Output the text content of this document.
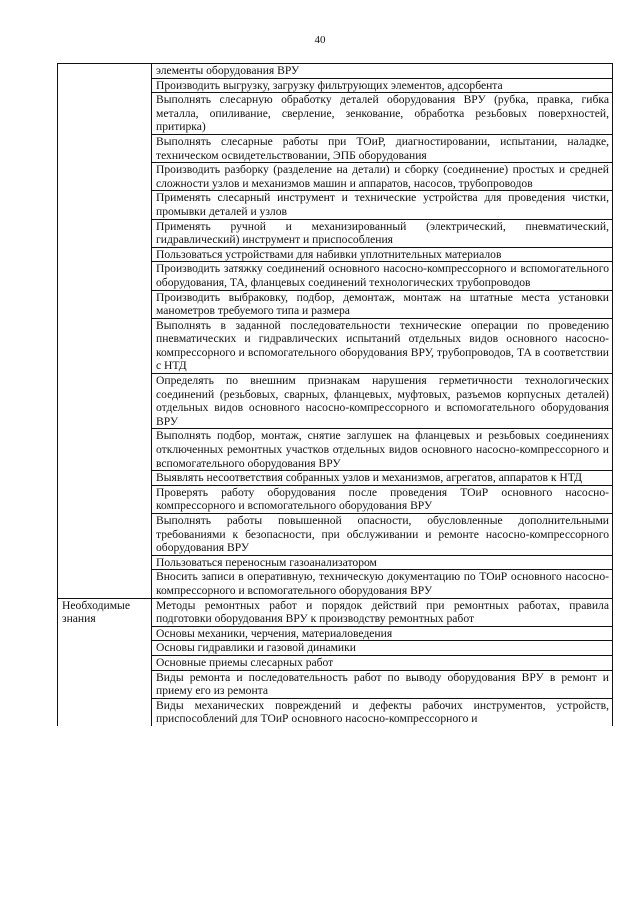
40
	элементы оборудования ВРУ
	Производить выгрузку, загрузку фильтрующих элементов, адсорбента
	Выполнять слесарную обработку деталей оборудования ВРУ (рубка, правка, гибка металла, опиливание, сверление, зенкование, обработка резьбовых поверхностей, притирка)
	Выполнять слесарные работы при ТОиР, диагностировании, испытании, наладке, техническом освидетельствовании, ЭПБ оборудования
	Производить разборку (разделение на детали) и сборку (соединение) простых и средней сложности узлов и механизмов машин и аппаратов, насосов, трубопроводов
	Применять слесарный инструмент и технические устройства для проведения чистки, промывки деталей и узлов
	Применять ручной и механизированный (электрический, пневматический, гидравлический) инструмент и приспособления
	Пользоваться устройствами для набивки уплотнительных материалов
	Производить затяжку соединений основного насосно-компрессорного и вспомогательного оборудования, ТА, фланцевых соединений технологических трубопроводов
	Производить выбраковку, подбор, демонтаж, монтаж на штатные места установки манометров требуемого типа и размера
	Выполнять в заданной последовательности технические операции по проведению пневматических и гидравлических испытаний отдельных видов основного насосно-компрессорного и вспомогательного оборудования ВРУ, трубопроводов, ТА в соответствии с НТД
	Определять по внешним признакам нарушения герметичности технологических соединений (резьбовых, сварных, фланцевых, муфтовых, разъемов корпусных деталей) отдельных видов основного насосно-компрессорного и вспомогательного оборудования ВРУ
	Выполнять подбор, монтаж, снятие заглушек на фланцевых и резьбовых соединениях отключенных ремонтных участков отдельных видов основного насосно-компрессорного и вспомогательного оборудования ВРУ
	Выявлять несоответствия собранных узлов и механизмов, агрегатов, аппаратов к НТД
	Проверять работу оборудования после проведения ТОиР основного насосно-компрессорного и вспомогательного оборудования ВРУ
	Выполнять работы повышенной опасности, обусловленные дополнительными требованиями к безопасности, при обслуживании и ремонте насосно-компрессорного оборудования ВРУ
	Пользоваться переносным газоанализатором
	Вносить записи в оперативную, техническую документацию по ТОиР основного насосно-компрессорного и вспомогательного оборудования ВРУ
Необходимые знания	Методы ремонтных работ и порядок действий при ремонтных работах, правила подготовки оборудования ВРУ к производству ремонтных работ
	Основы механики, черчения, материаловедения
	Основы гидравлики и газовой динамики
	Основные приемы слесарных работ
	Виды ремонта и последовательность работ по выводу оборудования ВРУ в ремонт и приему его из ремонта
	Виды механических повреждений и дефекты рабочих инструментов, устройств, приспособлений для ТОиР основного насосно-компрессорного и
